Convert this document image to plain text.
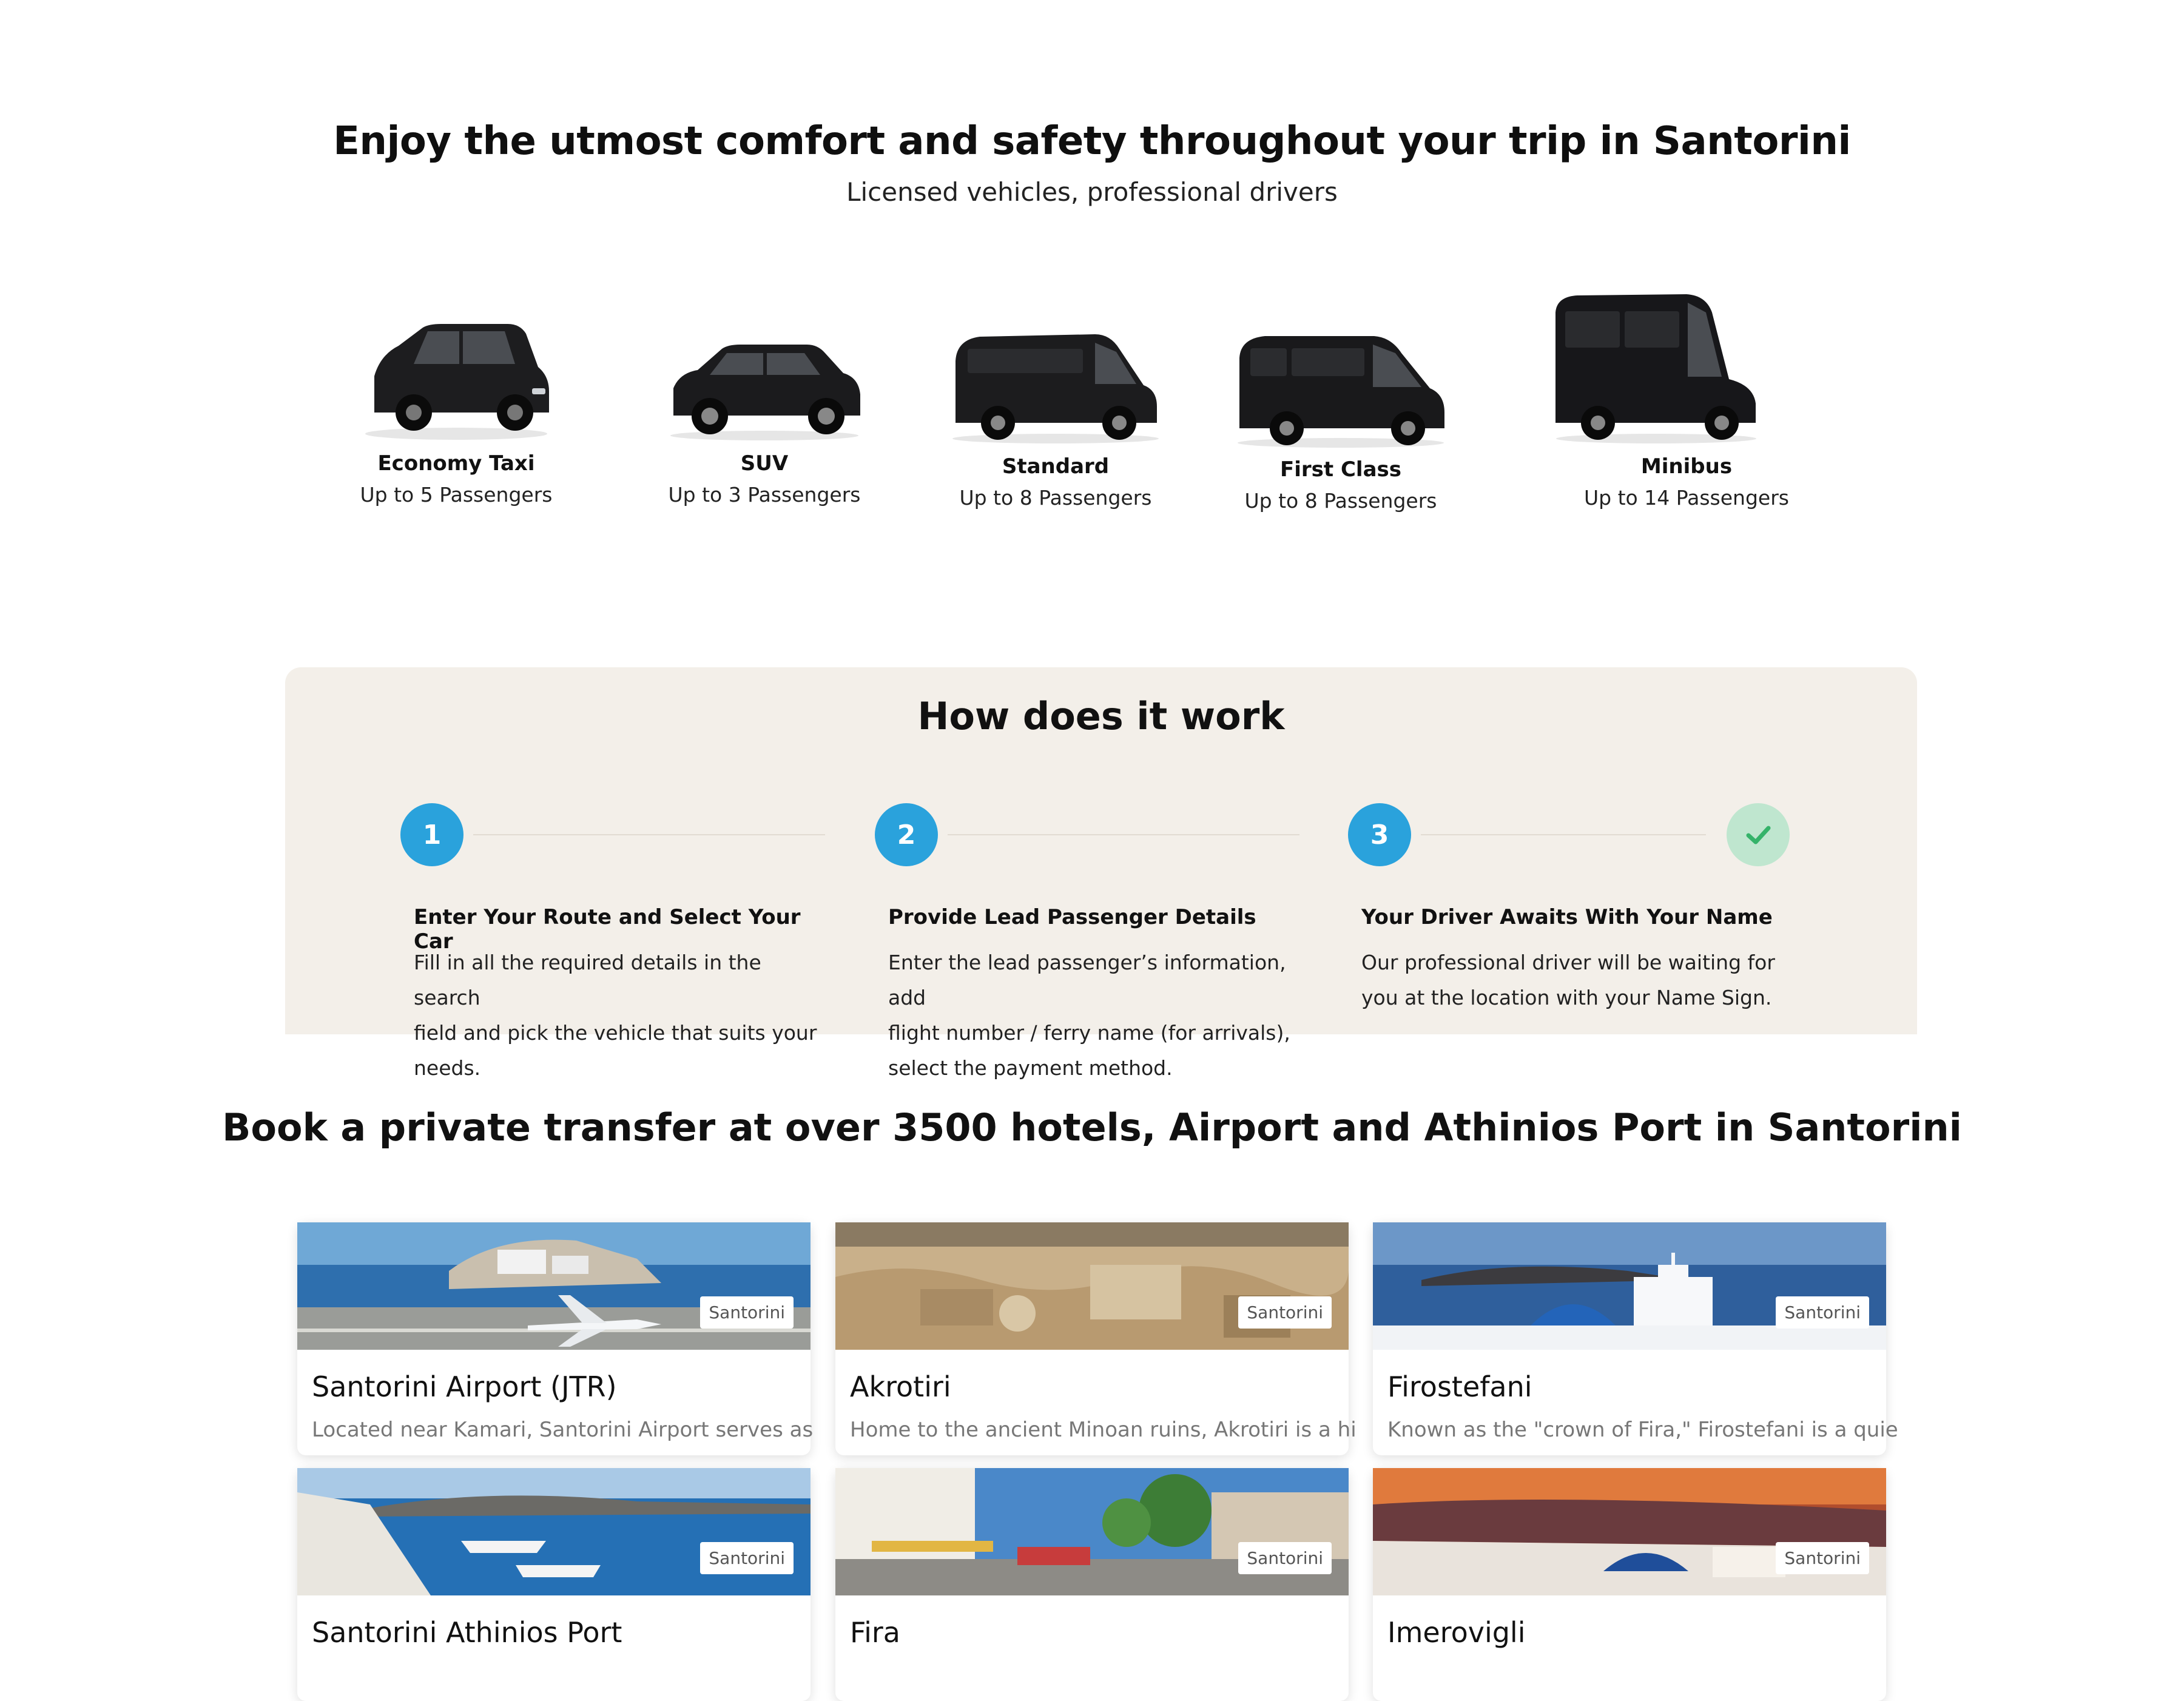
Enjoy the utmost comfort and safety throughout your trip in Santorini

Licensed vehicles, professional drivers

Economy Taxi
Up to 5 Passengers
SUV
Up to 3 Passengers
Standard
Up to 8 Passengers
First Class
Up to 8 Passengers
Minibus
Up to 14 Passengers
How does it work
1	2	3
Enter Your Route and Select Your Car
Fill in all the required details in the search
field and pick the vehicle that suits your
needs.
Provide Lead Passenger Details
Enter the lead passenger’s information, add
flight number / ferry name (for arrivals),
select the payment method.
Your Driver Awaits With Your Name
Our professional driver will be waiting for
you at the location with your Name Sign.
Book a private transfer at over 3500 hotels, Airport and Athinios Port in Santorini
Santorini
Santorini Airport (JTR)
Located near Kamari, Santorini Airport serves as
Santorini
Akrotiri
Home to the ancient Minoan ruins, Akrotiri is a hi
Santorini
Firostefani
Known as the "crown of Fira," Firostefani is a quie
Santorini
Santorini Athinios Port
Santorini
Fira
Santorini
Imerovigli
